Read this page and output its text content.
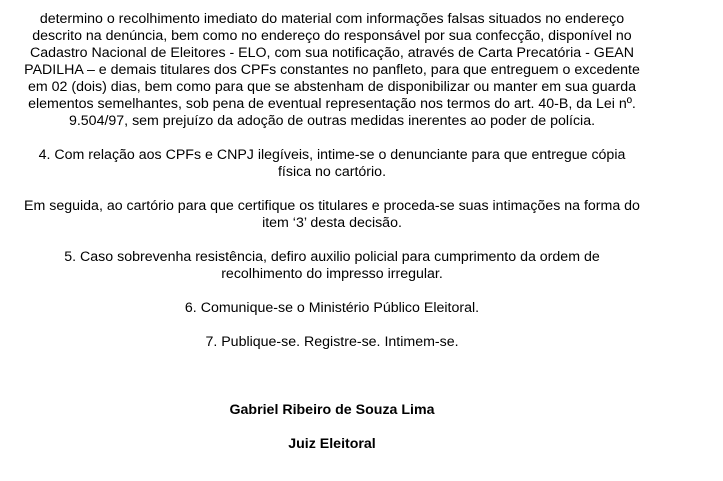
determino o recolhimento imediato do material com informações falsas situados no endereço descrito na denúncia, bem como no endereço do responsável por sua confecção, disponível no Cadastro Nacional de Eleitores - ELO, com sua notificação, através de Carta Precatória - GEAN PADILHA – e demais titulares dos CPFs constantes no panfleto, para que entreguem o excedente em 02 (dois) dias, bem como para que se abstenham de disponibilizar ou manter em sua guarda elementos semelhantes, sob pena de eventual representação nos termos do art. 40-B, da Lei nº. 9.504/97, sem prejuízo da adoção de outras medidas inerentes ao poder de polícia.

4. Com relação aos CPFs e CNPJ ilegíveis, intime-se o denunciante para que entregue cópia física no cartório.

Em seguida, ao cartório para que certifique os titulares e proceda-se suas intimações na forma do item ‘3’ desta decisão.

5. Caso sobrevenha resistência, defiro auxilio policial para cumprimento da ordem de recolhimento do impresso irregular.

6. Comunique-se o Ministério Público Eleitoral.

7. Publique-se. Registre-se. Intimem-se.

Gabriel Ribeiro de Souza Lima

Juiz Eleitoral
